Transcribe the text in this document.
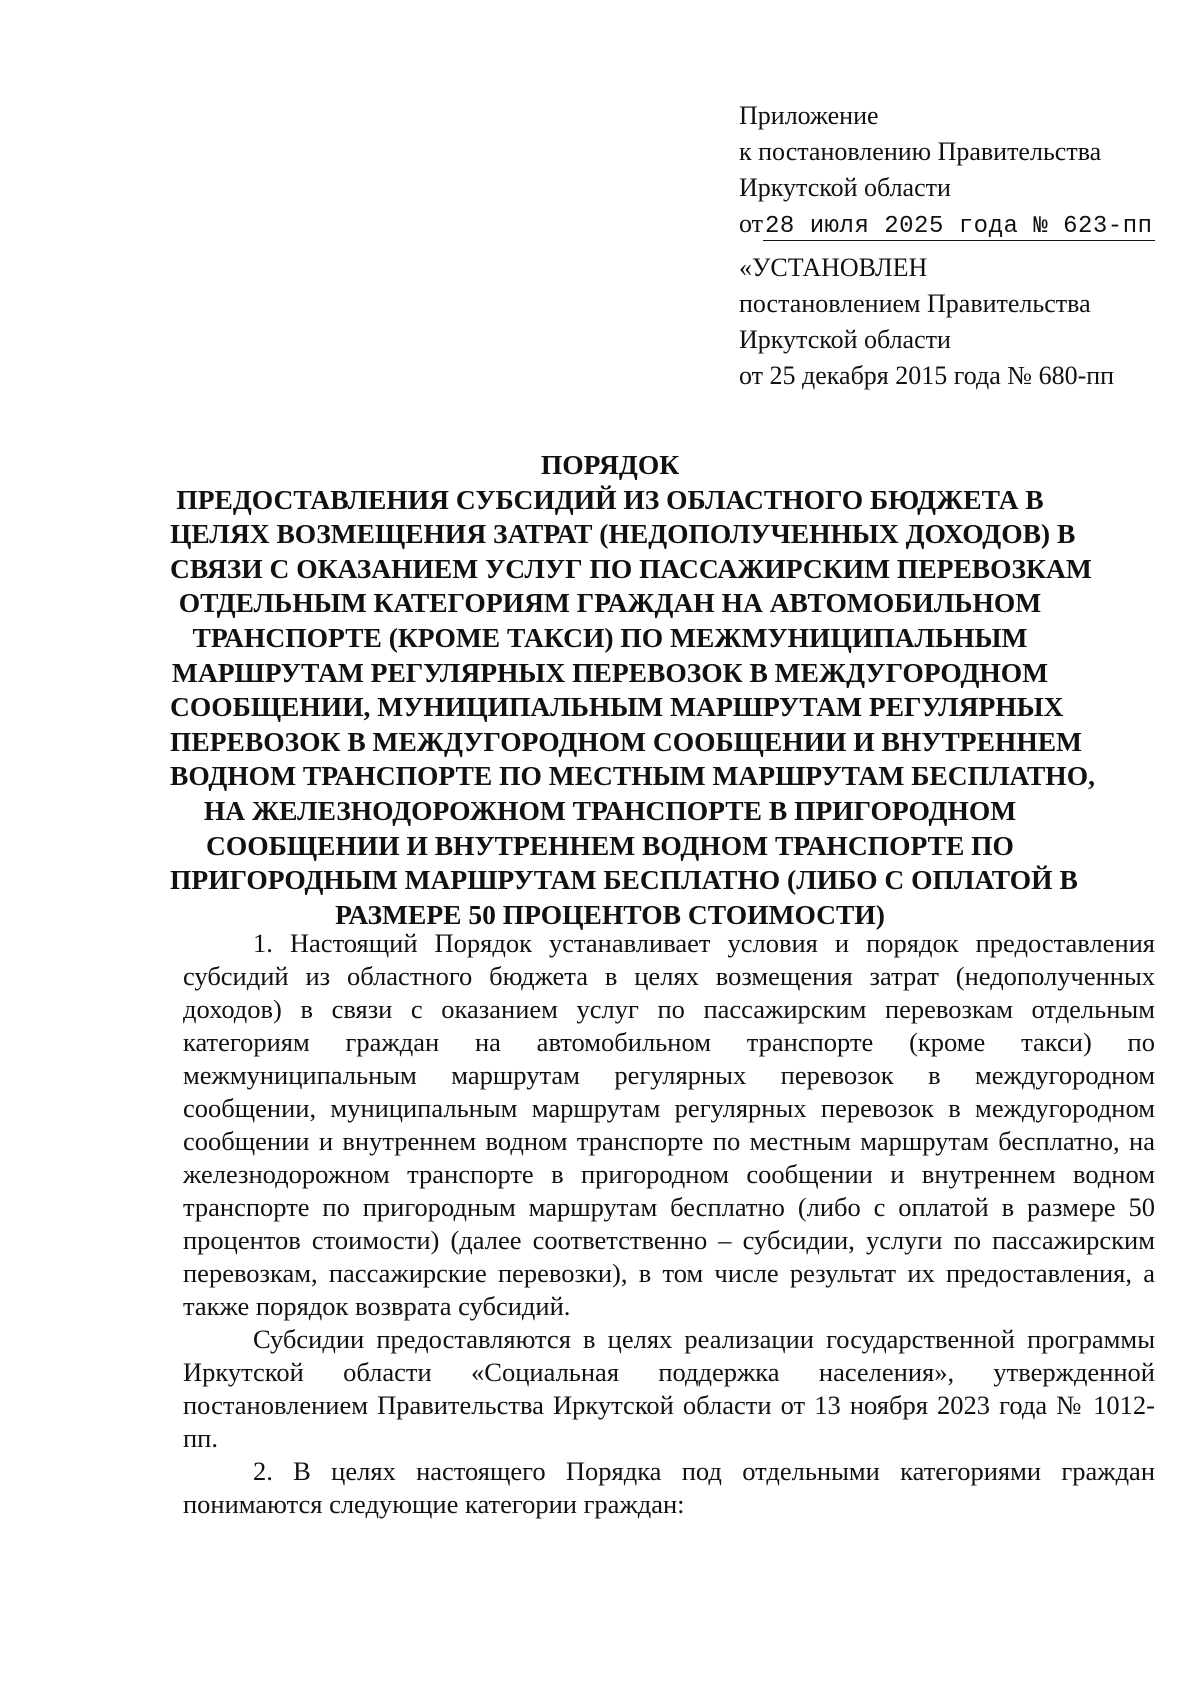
Приложение
к постановлению Правительства
Иркутской области
от28 июля 2025 года № 623-пп
«УСТАНОВЛЕН
постановлением Правительства
Иркутской области
от 25 декабря 2015 года № 680-пп
ПОРЯДОК
ПРЕДОСТАВЛЕНИЯ СУБСИДИЙ ИЗ ОБЛАСТНОГО БЮДЖЕТА В
ЦЕЛЯХ ВОЗМЕЩЕНИЯ ЗАТРАТ (НЕДОПОЛУЧЕННЫХ ДОХОДОВ) В
СВЯЗИ С ОКАЗАНИЕМ УСЛУГ ПО ПАССАЖИРСКИМ ПЕРЕВОЗКАМ
ОТДЕЛЬНЫМ КАТЕГОРИЯМ ГРАЖДАН НА АВТОМОБИЛЬНОМ
ТРАНСПОРТЕ (КРОМЕ ТАКСИ) ПО МЕЖМУНИЦИПАЛЬНЫМ
МАРШРУТАМ РЕГУЛЯРНЫХ ПЕРЕВОЗОК В МЕЖДУГОРОДНОМ
СООБЩЕНИИ, МУНИЦИПАЛЬНЫМ МАРШРУТАМ РЕГУЛЯРНЫХ
ПЕРЕВОЗОК В МЕЖДУГОРОДНОМ СООБЩЕНИИ И ВНУТРЕННЕМ
ВОДНОМ ТРАНСПОРТЕ ПО МЕСТНЫМ МАРШРУТАМ БЕСПЛАТНО,
НА ЖЕЛЕЗНОДОРОЖНОМ ТРАНСПОРТЕ В ПРИГОРОДНОМ
СООБЩЕНИИ И ВНУТРЕННЕМ ВОДНОМ ТРАНСПОРТЕ ПО
ПРИГОРОДНЫМ МАРШРУТАМ БЕСПЛАТНО (ЛИБО С ОПЛАТОЙ В
РАЗМЕРЕ 50 ПРОЦЕНТОВ СТОИМОСТИ)

1. Настоящий Порядок устанавливает условия и порядок предоставления субсидий из областного бюджета в целях возмещения затрат (недополученных доходов) в связи с оказанием услуг по пассажирским перевозкам отдельным категориям граждан на автомобильном транспорте (кроме такси) по межмуниципальным маршрутам регулярных перевозок в междугородном сообщении, муниципальным маршрутам регулярных перевозок в междугородном сообщении и внутреннем водном транспорте по местным маршрутам бесплатно, на железнодорожном транспорте в пригородном сообщении и внутреннем водном транспорте по пригородным маршрутам бесплатно (либо с оплатой в размере 50 процентов стоимости) (далее соответственно – субсидии, услуги по пассажирским перевозкам, пассажирские перевозки), в том числе результат их предоставления, а также порядок возврата субсидий.

Субсидии предоставляются в целях реализации государственной программы Иркутской области «Социальная поддержка населения», утвержденной постановлением Правительства Иркутской области от 13 ноября 2023 года № 1012-пп.

2. В целях настоящего Порядка под отдельными категориями граждан понимаются следующие категории граждан:
